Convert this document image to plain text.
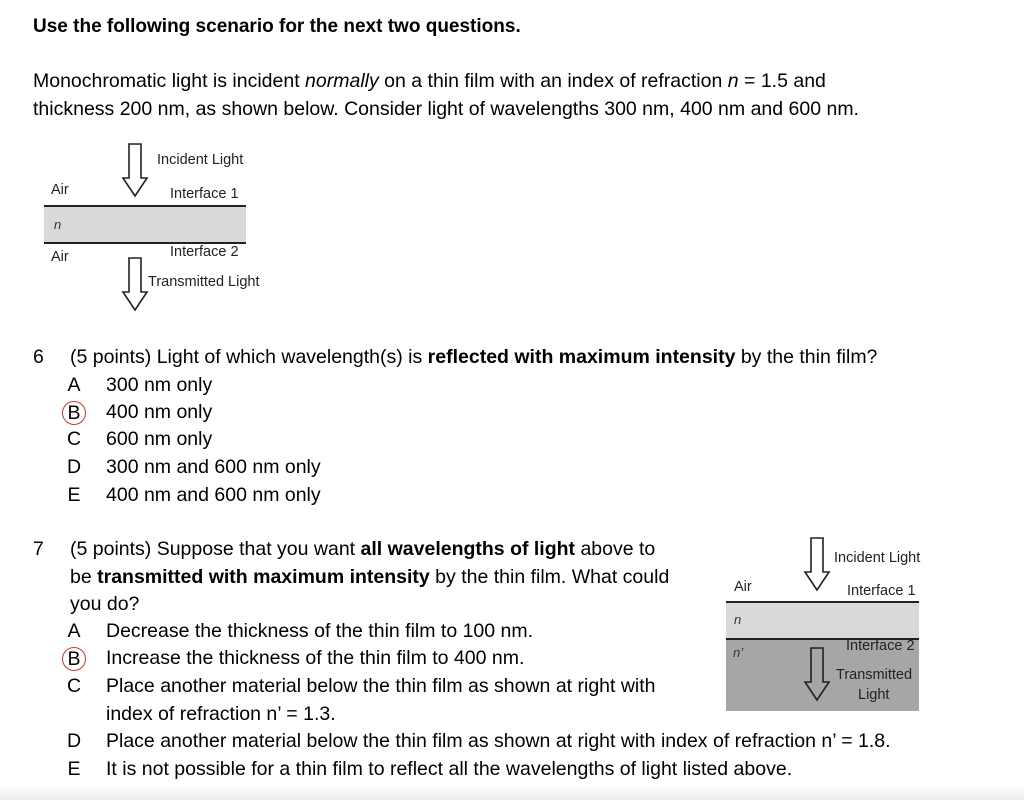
Use the following scenario for the next two questions.
Monochromatic light is incident normally on a thin film with an index of refraction n = 1.5 and
thickness 200 nm, as shown below. Consider light of wavelengths 300 nm, 400 nm and 600 nm.
Incident Light
Air	Interface 1
n
Air	Interface 2
Transmitted Light
6 (5 points) Light of which wavelength(s) is reflected with maximum intensity by the thin film?
A 300 nm only
B 400 nm only
C 600 nm only
D 300 nm and 600 nm only
E 400 nm and 600 nm only
7 (5 points) Suppose that you want all wavelengths of light above to
be transmitted with maximum intensity by the thin film. What could
you do?
A Decrease the thickness of the thin film to 100 nm.
B Increase the thickness of the thin film to 400 nm.
C Place another material below the thin film as shown at right with
index of refraction n’ = 1.3.
D Place another material below the thin film as shown at right with index of refraction n’ = 1.8.
E It is not possible for a thin film to reflect all the wavelengths of light listed above.
Incident Light
Air	Interface 1
n
n’	Interface 2
Transmitted
Light
